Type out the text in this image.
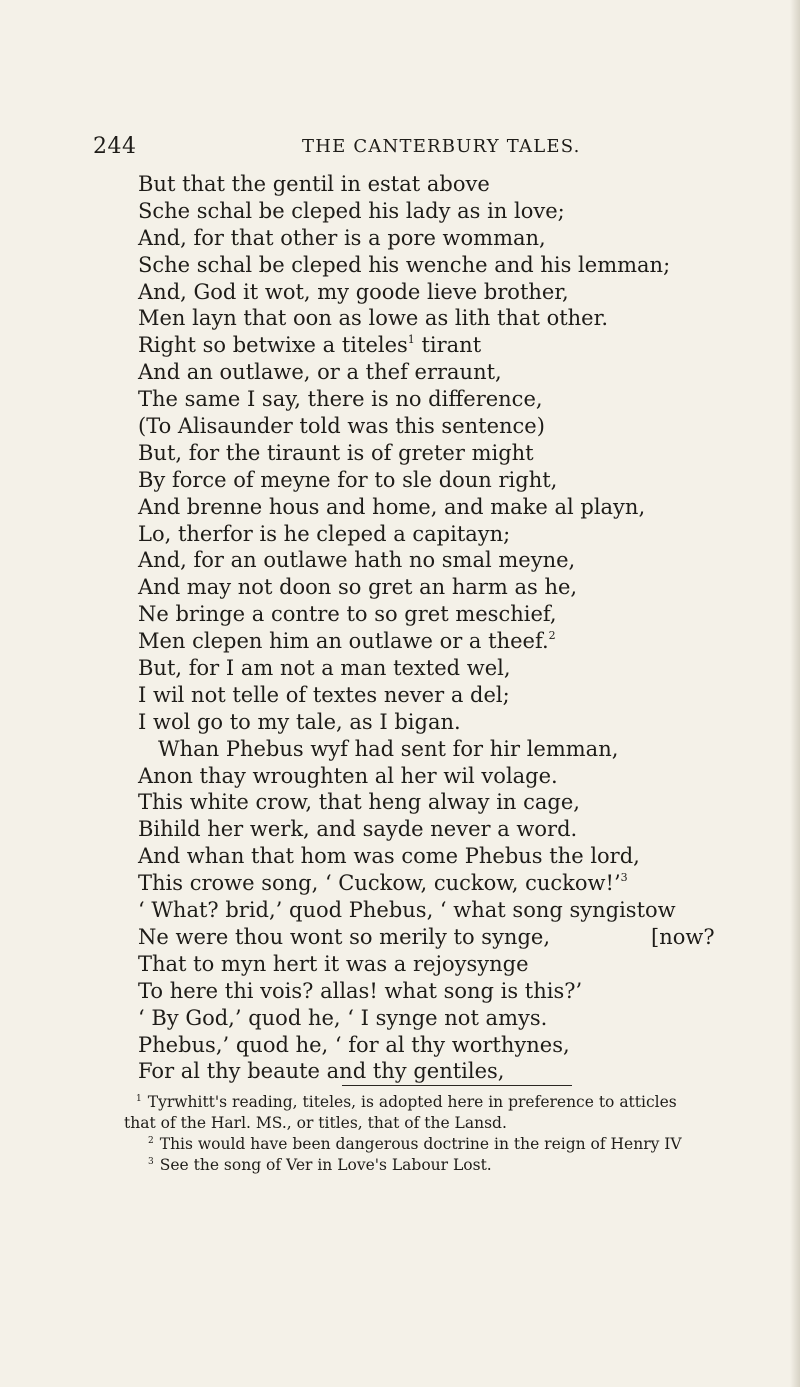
244	THE CANTERBURY TALES.
But that the gentil in estat above
Sche schal be cleped his lady as in love;
And, for that other is a pore womman,
Sche schal be cleped his wenche and his lemman;
And, God it wot, my goode lieve brother,
Men layn that oon as lowe as lith that other.
Right so betwixe a titeles$^1$ tirant
And an outlawe, or a thef erraunt,
The same I say, there is no difference,
(To Alisaunder told was this sentence)
But, for the tiraunt is of greter might
By force of meyne for to sle doun right,
And brenne hous and home, and make al playn,
Lo, therfor is he cleped a capitayn;
And, for an outlawe hath no smal meyne,
And may not doon so gret an harm as he,
Ne bringe a contre to so gret meschief,
Men clepen him an outlawe or a theef.$^2$
But, for I am not a man texted wel,
I wil not telle of textes never a del;
I wol go to my tale, as I bigan.
Whan Phebus wyf had sent for hir lemman,
Anon thay wroughten al her wil volage.
This white crow, that heng alway in cage,
Bihild her werk, and sayde never a word.
And whan that hom was come Phebus the lord,
This crowe song, ‘ Cuckow, cuckow, cuckow!’$^3$
‘ What? brid,’ quod Phebus, ‘ what song syngistow
Ne were thou wont so merily to synge,	[now?
That to myn hert it was a rejoysynge
To here thi vois? allas! what song is this?’
‘ By God,’ quod he, ‘ I synge not amys.
Phebus,’ quod he, ‘ for al thy worthynes,
For al thy beaute and thy gentiles,
$^1$ Tyrwhitt's reading, titeles, is adopted here in preference to atticles
that of the Harl. MS., or titles, that of the Lansd.
$^2$ This would have been dangerous doctrine in the reign of Henry IV
$^3$ See the song of Ver in Love's Labour Lost.
